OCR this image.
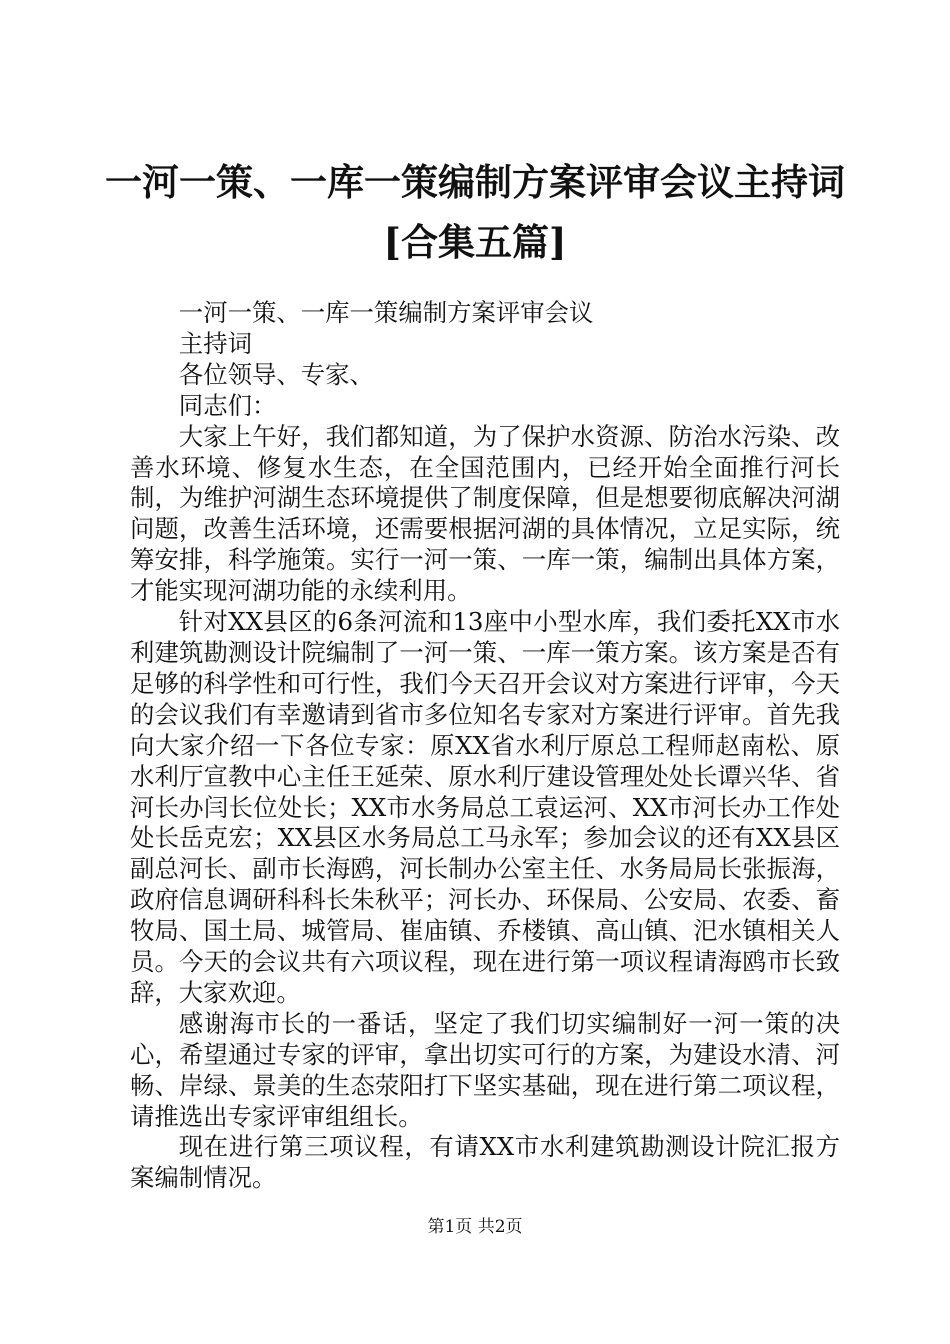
一河一策、一库一策编制方案评审会议主持词
[合集五篇]

一河一策、一库一策编制方案评审会议

主持词

各位领导、专家、

同志们：

大家上午好，我们都知道，为了保护水资源、防治水污染、改善水环境、修复水生态，在全国范围内，已经开始全面推行河长制，为维护河湖生态环境提供了制度保障，但是想要彻底解决河湖问题，改善生活环境，还需要根据河湖的具体情况，立足实际，统筹安排，科学施策。实行一河一策、一库一策，编制出具体方案，才能实现河湖功能的永续利用。

针对XX县区的6条河流和13座中小型水库，我们委托XX市水利建筑勘测设计院编制了一河一策、一库一策方案。该方案是否有足够的科学性和可行性，我们今天召开会议对方案进行评审，今天的会议我们有幸邀请到省市多位知名专家对方案进行评审。首先我向大家介绍一下各位专家：原XX省水利厅原总工程师赵南松、原水利厅宣教中心主任王延荣、原水利厅建设管理处处长谭兴华、省河长办闫长位处长；XX市水务局总工袁运河、XX市河长办工作处处长岳克宏；XX县区水务局总工马永军；参加会议的还有XX县区副总河长、副市长海鸥，河长制办公室主任、水务局局长张振海，政府信息调研科科长朱秋平；河长办、环保局、公安局、农委、畜牧局、国土局、城管局、崔庙镇、乔楼镇、高山镇、汜水镇相关人员。今天的会议共有六项议程，现在进行第一项议程请海鸥市长致辞，大家欢迎。

感谢海市长的一番话，坚定了我们切实编制好一河一策的决心，希望通过专家的评审，拿出切实可行的方案，为建设水清、河畅、岸绿、景美的生态荥阳打下坚实基础，现在进行第二项议程，请推选出专家评审组组长。

现在进行第三项议程，有请XX市水利建筑勘测设计院汇报方案编制情况。

第1页 共2页
